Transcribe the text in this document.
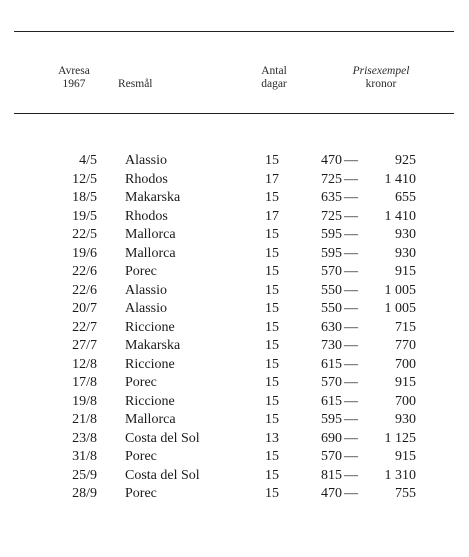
Avresa
1967	Resmål
Antal
dagar
Prisexempel
kronor
4/5 Alassio	15	470 —	925
12/5 Rhodos	17	725 — 1 410
18/5 Makarska	15	635 —	655
19/5 Rhodos	17	725 — 1 410
22/5 Mallorca	15	595 —	930
19/6 Mallorca	15	595 —	930
22/6 Porec	15	570 —	915
22/6 Alassio	15	550 — 1 005
20/7 Alassio	15	550 — 1 005
22/7 Riccione	15	630 —	715
27/7 Makarska	15	730 —	770
12/8 Riccione	15	615 —	700
17/8 Porec	15	570 —	915
19/8 Riccione	15	615 —	700
21/8 Mallorca	15	595 —	930
23/8 Costa del Sol	13	690 — 1 125
31/8 Porec	15	570 —	915
25/9 Costa del Sol	15	815 — 1 310
28/9 Porec	15	470 —	755
